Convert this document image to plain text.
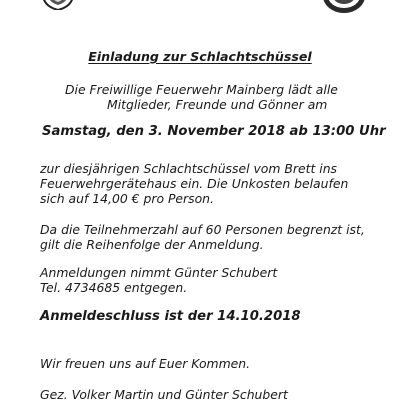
Einladung zur Schlachtschüssel
Die Freiwillige Feuerwehr Mainberg lädt alle
Mitglieder, Freunde und Gönner am
Samstag, den 3. November 2018 ab 13:00 Uhr
zur diesjährigen Schlachtschüssel vom Brett ins
Feuerwehrgerätehaus ein. Die Unkosten belaufen
sich auf 14,00 € pro Person.
Da die Teilnehmerzahl auf 60 Personen begrenzt ist,
gilt die Reihenfolge der Anmeldung.
Anmeldungen nimmt Günter Schubert
Tel. 4734685 entgegen.
Anmeldeschluss ist der 14.10.2018
Wir freuen uns auf Euer Kommen.
Gez. Volker Martin und Günter Schubert
